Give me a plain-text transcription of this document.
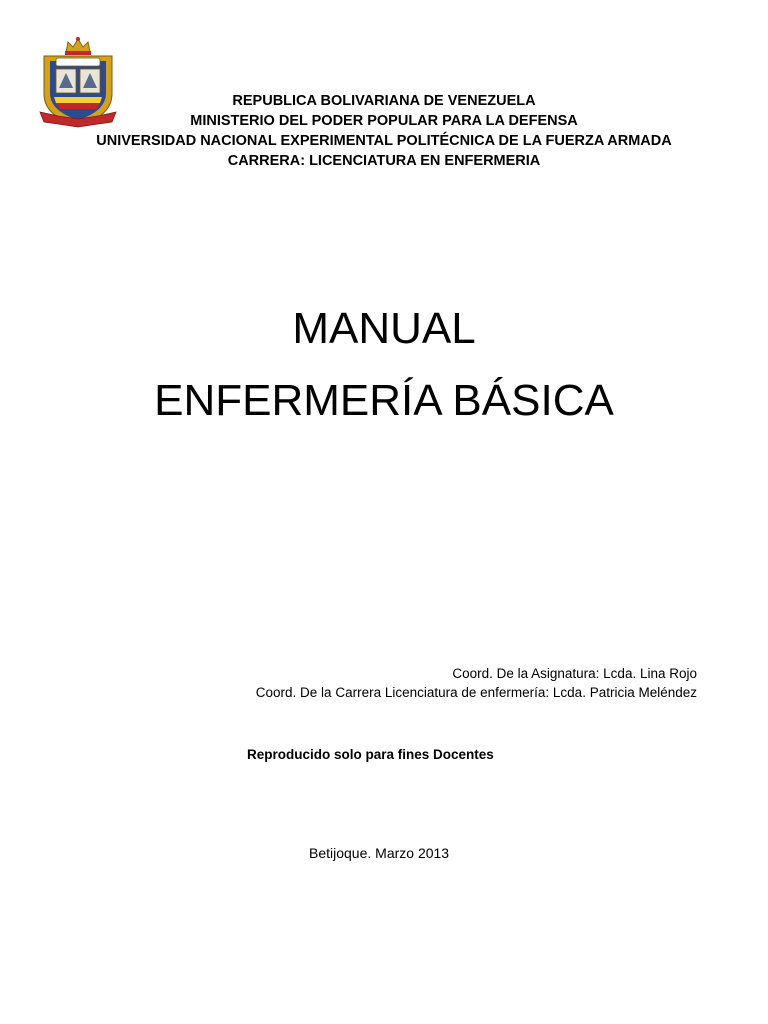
REPUBLICA BOLIVARIANA DE VENEZUELA
MINISTERIO DEL PODER POPULAR PARA LA DEFENSA
UNIVERSIDAD NACIONAL EXPERIMENTAL POLITÉCNICA DE LA FUERZA ARMADA
CARRERA: LICENCIATURA EN ENFERMERIA
MANUAL
ENFERMERÍA BÁSICA
Coord. De la Asignatura: Lcda. Lina Rojo
Coord. De la Carrera Licenciatura de enfermería: Lcda. Patricia Meléndez
Reproducido solo para fines Docentes
Betijoque. Marzo 2013
